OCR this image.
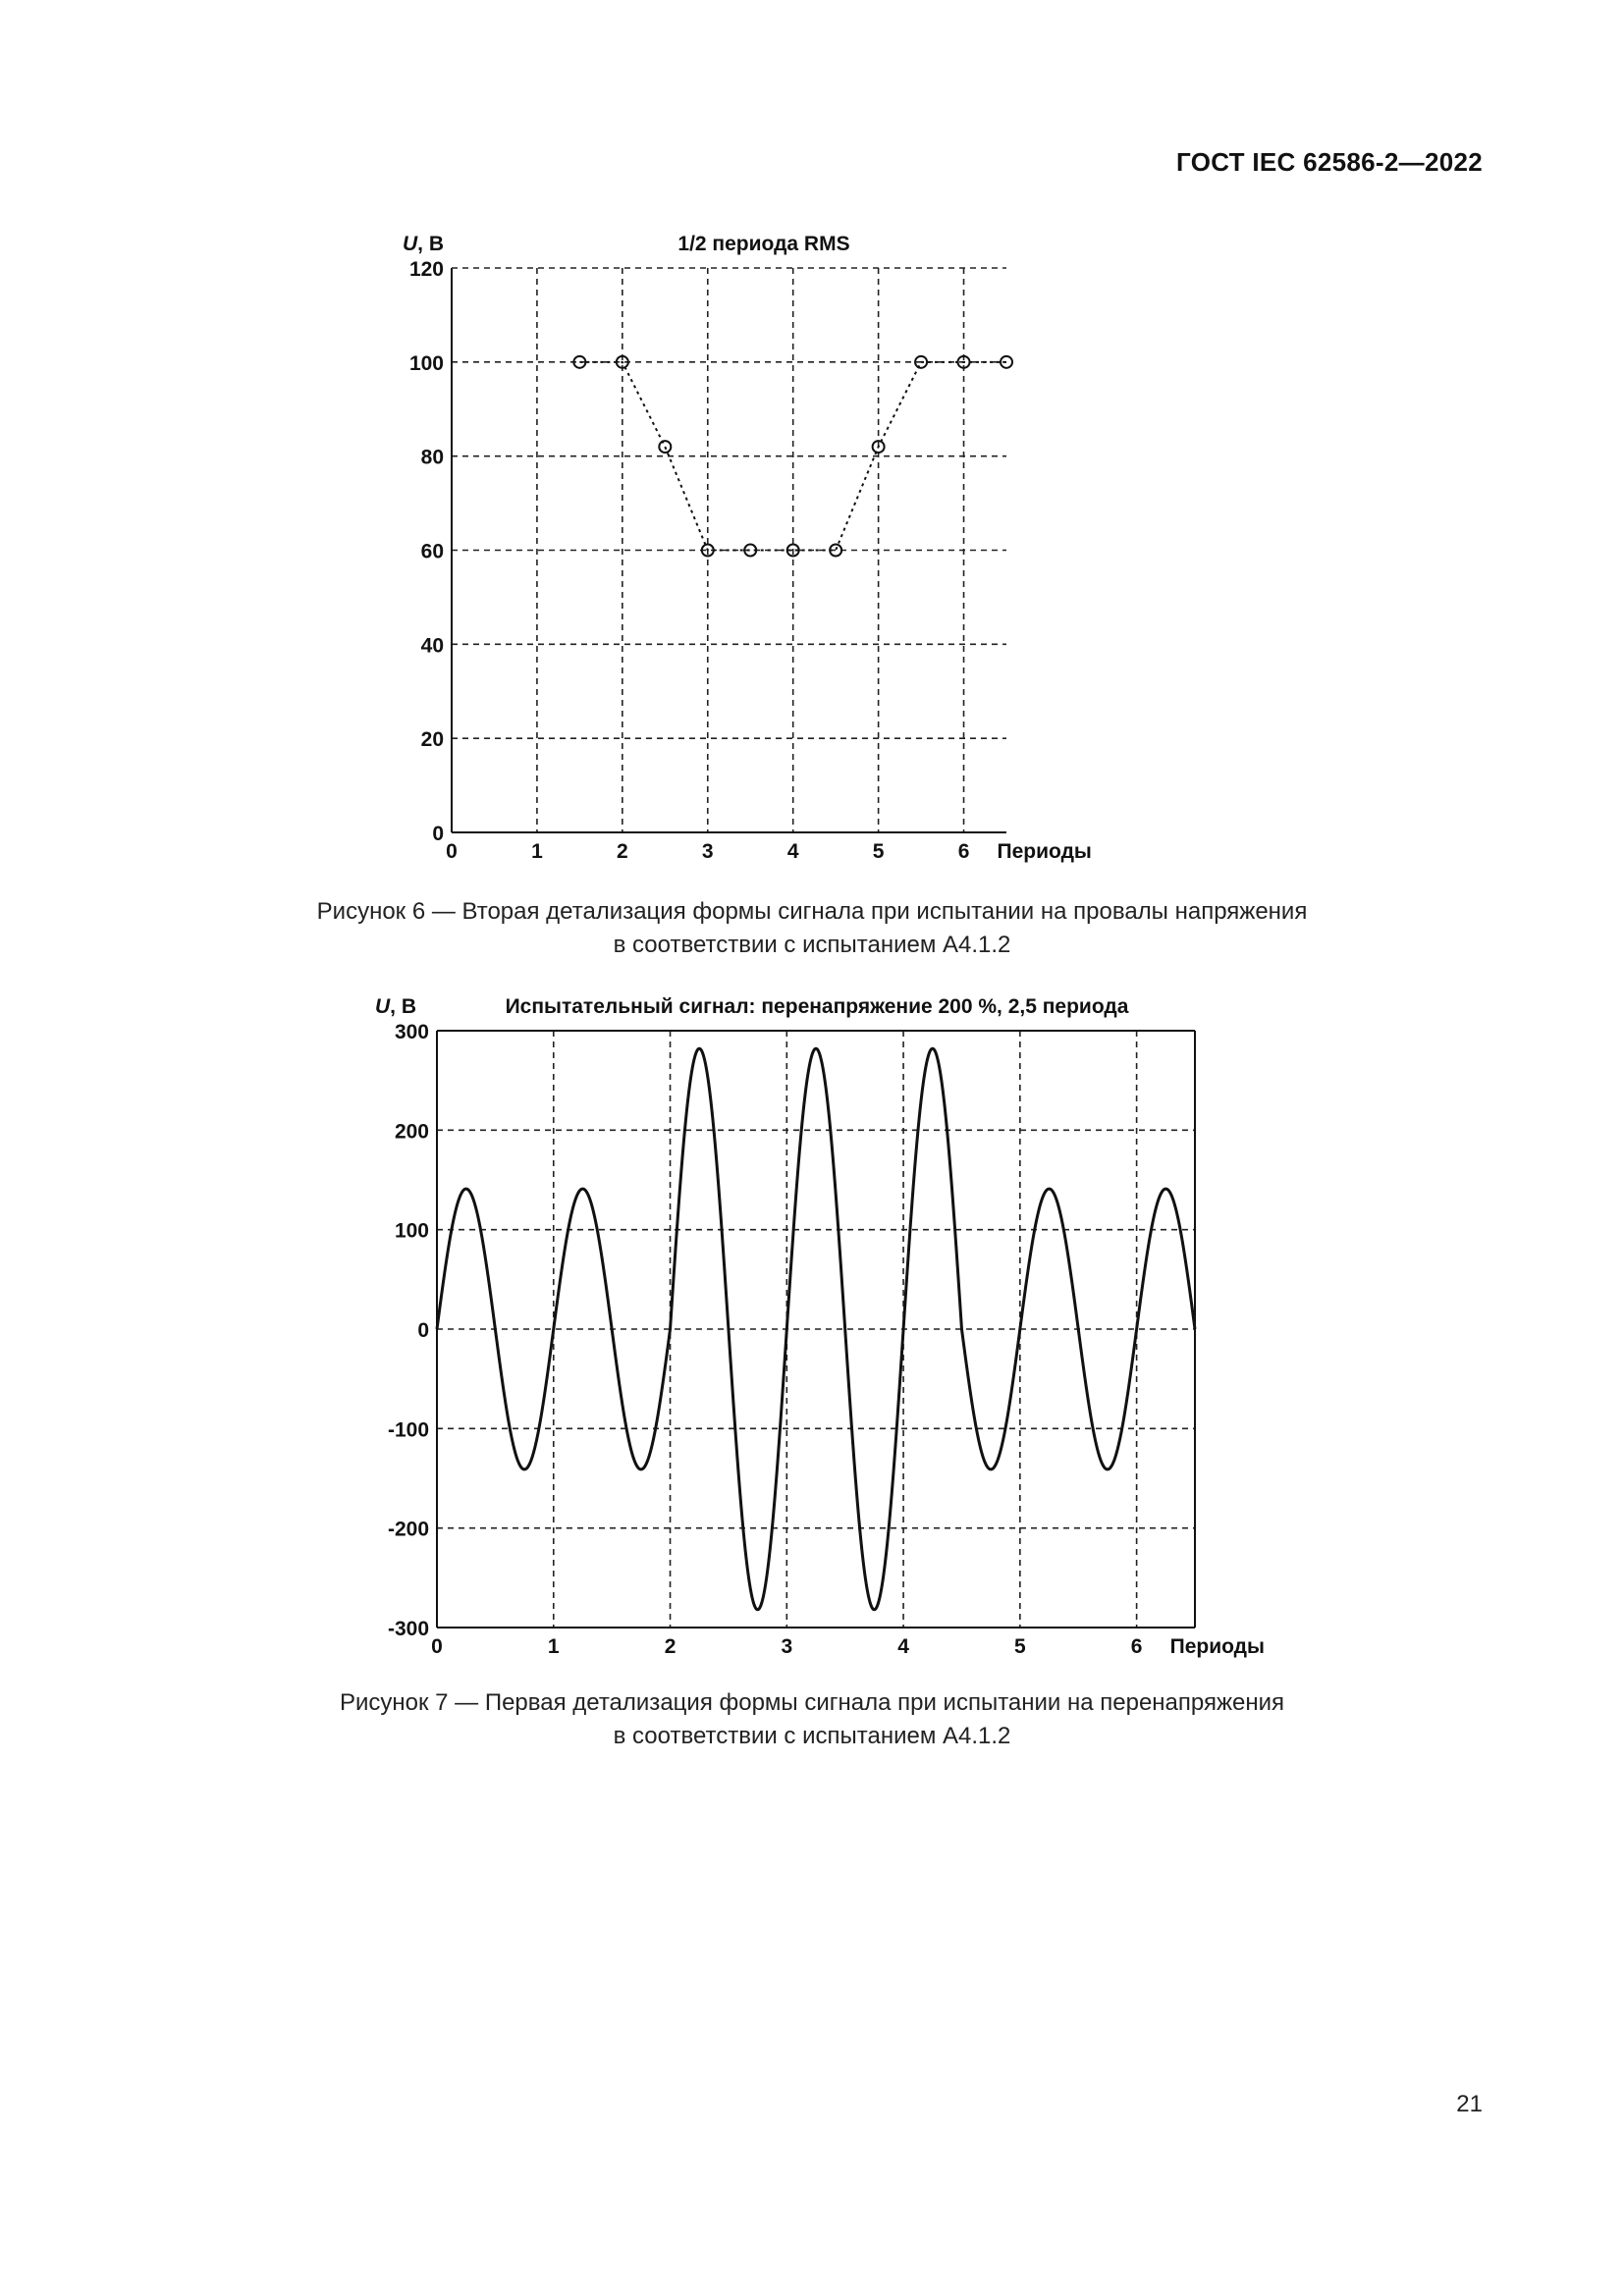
ГОСТ IEC 62586-2—2022
0
20
40
60
80
100
120
0	1	2	3	4	5	6 Периоды
U, В	1/2 периода RMS
Рисунок 6 — Вторая детализация формы сигнала при испытании на провалы напряжения
в соответствии с испытанием А4.1.2
-300
-200
-100
0
100
200
300
0	1	2	3	4	5	6 Периоды
U, В	Испытательный сигнал: перенапряжение 200 %, 2,5 периода
Рисунок 7 — Первая детализация формы сигнала при испытании на перенапряжения
в соответствии с испытанием А4.1.2
21
